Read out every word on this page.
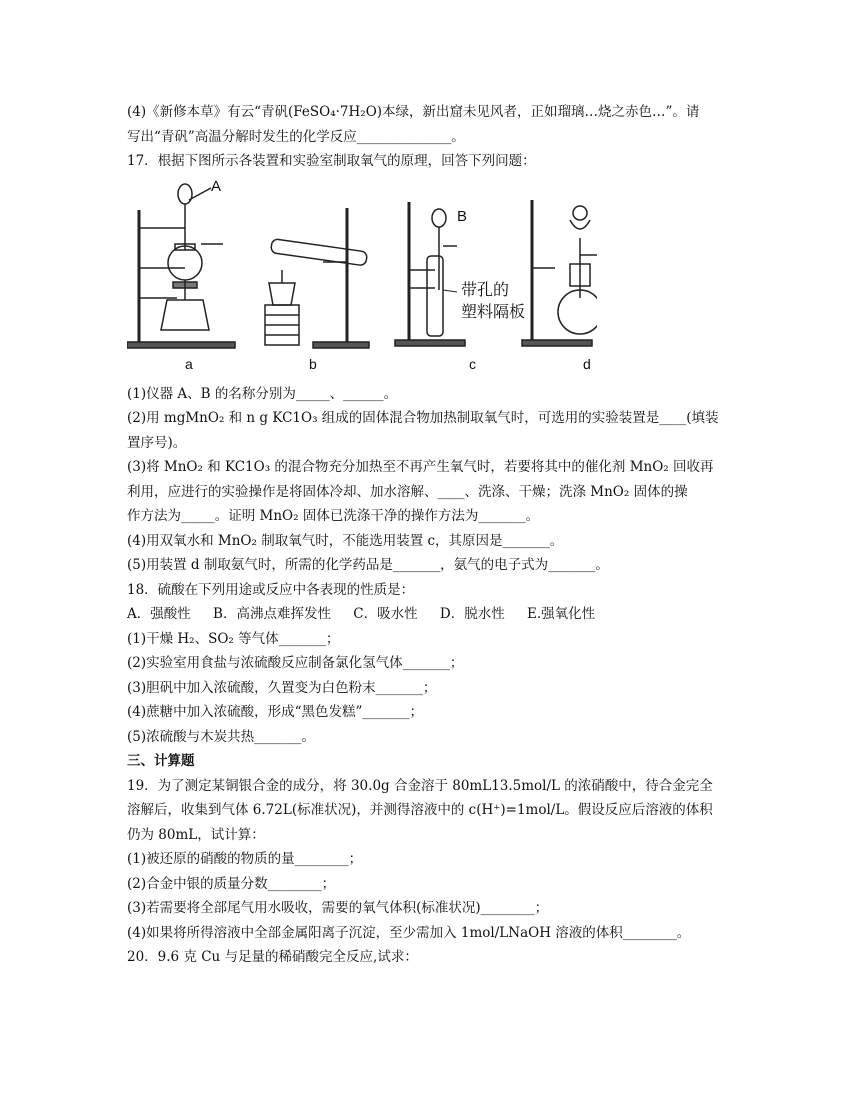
(4)《新修本草》有云“青矾(FeSO₄·7H₂O)本绿，新出窟未见风者，正如瑠璃…烧之赤色…”。请
写出“青矾”高温分解时发生的化学反应______________。
17．根据下图所示各装置和实验室制取氧气的原理，回答下列问题：
A
B
带孔的
塑料隔板
a	b	c	d
(1)仪器 A、B 的名称分别为_____、______。
(2)用 mgMnO₂ 和 n g KC1O₃ 组成的固体混合物加热制取氧气时，可选用的实验装置是____(填装
置序号)。
(3)将 MnO₂ 和 KC1O₃ 的混合物充分加热至不再产生氧气时，若要将其中的催化剂 MnO₂ 回收再
利用，应进行的实验操作是将固体冷却、加水溶解、____、洗涤、干燥；洗涤 MnO₂ 固体的操
作方法为_____。证明 MnO₂ 固体已洗涤干净的操作方法为_______。
(4)用双氧水和 MnO₂ 制取氧气时，不能选用装置 c，其原因是_______。
(5)用装置 d 制取氨气时，所需的化学药品是_______，氨气的电子式为_______。
18．硫酸在下列用途或反应中各表现的性质是：
A．强酸性 B．高沸点难挥发性 C．吸水性 D．脱水性 E.强氧化性
(1)干燥 H₂、SO₂ 等气体_______；
(2)实验室用食盐与浓硫酸反应制备氯化氢气体_______；
(3)胆矾中加入浓硫酸，久置变为白色粉末_______；
(4)蔗糖中加入浓硫酸，形成“黑色发糕”_______；
(5)浓硫酸与木炭共热_______。
三、计算题
19．为了测定某铜银合金的成分，将 30.0g 合金溶于 80mL13.5mol/L 的浓硝酸中，待合金完全
溶解后，收集到气体 6.72L(标准状况)，并测得溶液中的 c(H⁺)=1mol/L。假设反应后溶液的体积
仍为 80mL，试计算：
(1)被还原的硝酸的物质的量________；
(2)合金中银的质量分数________；
(3)若需要将全部尾气用水吸收，需要的氧气体积(标准状况)________；
(4)如果将所得溶液中全部金属阳离子沉淀，至少需加入 1mol/LNaOH 溶液的体积________。
20．9.6 克 Cu 与足量的稀硝酸完全反应,试求：
